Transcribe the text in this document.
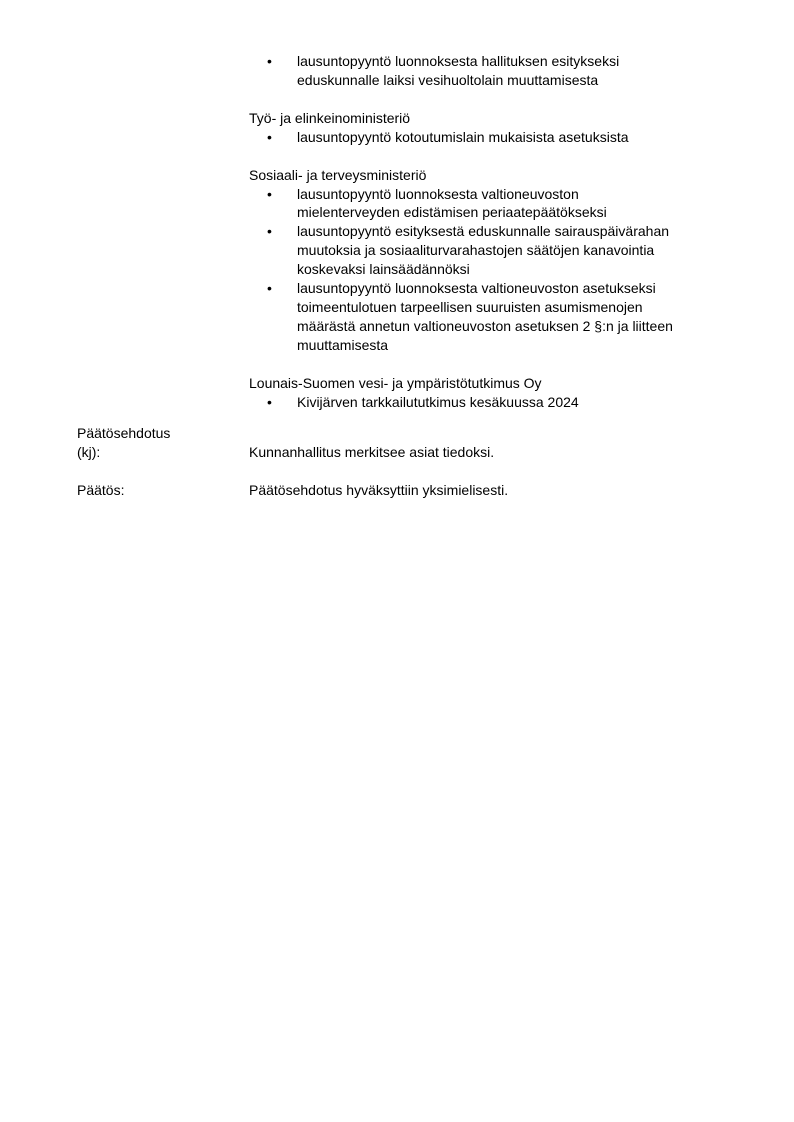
• lausuntopyyntö luonnoksesta hallituksen esitykseksi
eduskunnalle laiksi vesihuoltolain muuttamisesta
Työ- ja elinkeinoministeriö
• lausuntopyyntö kotoutumislain mukaisista asetuksista
Sosiaali- ja terveysministeriö
• lausuntopyyntö luonnoksesta valtioneuvoston
mielenterveyden edistämisen periaatepäätökseksi
• lausuntopyyntö esityksestä eduskunnalle sairauspäivärahan
muutoksia ja sosiaaliturvarahastojen säätöjen kanavointia
koskevaksi lainsäädännöksi
• lausuntopyyntö luonnoksesta valtioneuvoston asetukseksi
toimeentulotuen tarpeellisen suuruisten asumismenojen
määrästä annetun valtioneuvoston asetuksen 2 §:n ja liitteen
muuttamisesta
Lounais-Suomen vesi- ja ympäristötutkimus Oy
• Kivijärven tarkkailututkimus kesäkuussa 2024
Päätösehdotus
(kj):	Kunnanhallitus merkitsee asiat tiedoksi.
Päätös:	Päätösehdotus hyväksyttiin yksimielisesti.
